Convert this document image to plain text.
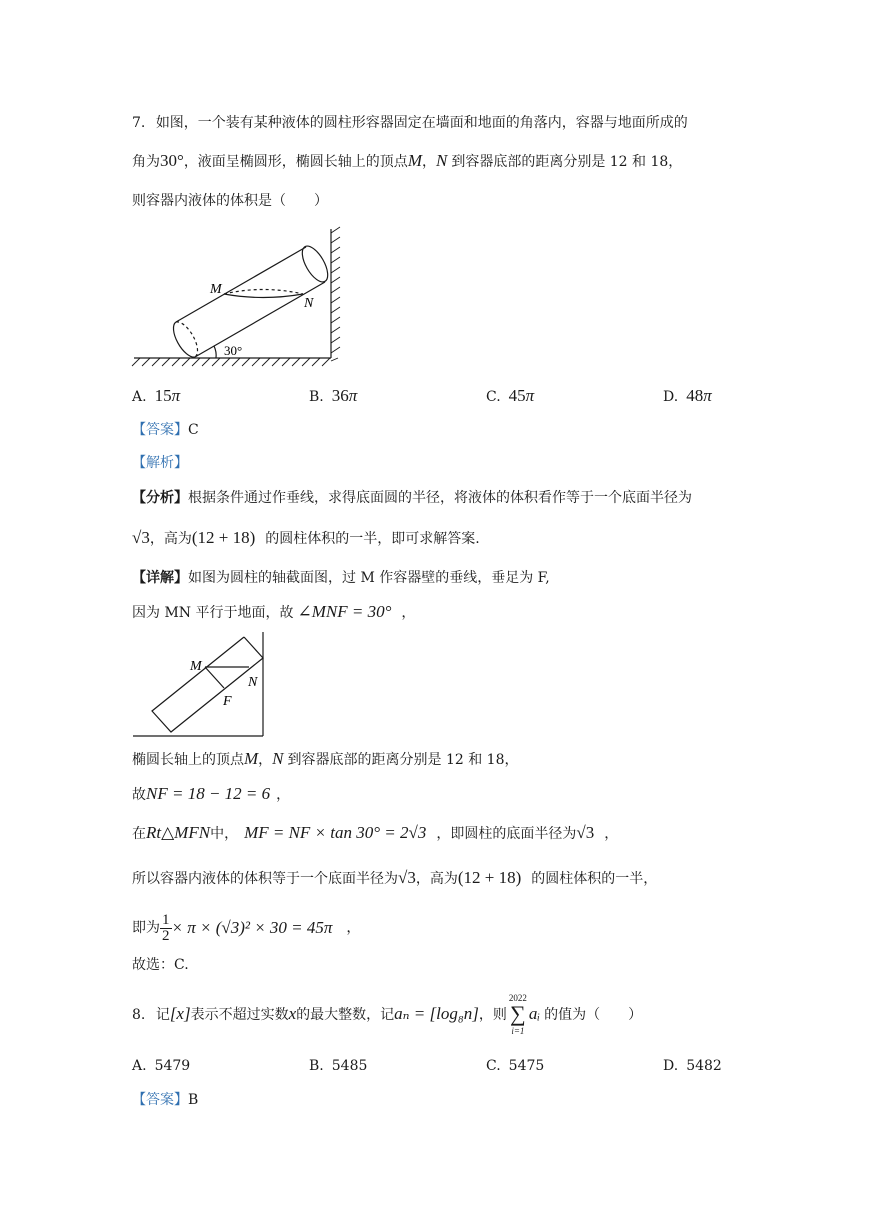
7. 如图，一个装有某种液体的圆柱形容器固定在墙面和地面的角落内，容器与地面所成的
角为30°，液面呈椭圆形，椭圆长轴上的顶点M，N 到容器底部的距离分别是 12 和 18，
则容器内液体的体积是（　　）
M
N
30°
A. 15π	B. 36π	C. 45π	D. 48π
【答案】C
【解析】
【分析】根据条件通过作垂线，求得底面圆的半径，将液体的体积看作等于一个底面半径为
√3，高为(12 + 18) 的圆柱体积的一半，即可求解答案.
【详解】如图为圆柱的轴截面图，过 M 作容器壁的垂线，垂足为 F,
因为 MN 平行于地面，故 ∠MNF = 30° ，
M
N
F
椭圆长轴上的顶点M，N 到容器底部的距离分别是 12 和 18，
故NF = 18 − 12 = 6 ，
在Rt△MFN中， MF = NF × tan 30° = 2√3 ，即圆柱的底面半径为√3 ，
所以容器内液体的体积等于一个底面半径为√3，高为(12 + 18) 的圆柱体积的一半，
即为 $\frac{1}{2} \times \pi \times (√3)^2 \times 30 = 45\pi$ ，
故选：C.
8. 记[x]表示不超过实数x的最大整数，记aₙ = [log₈n]，则
2022
∑
i=1
aᵢ 的值为（　　）
A. 5479	B. 5485	C. 5475	D. 5482
【答案】B
